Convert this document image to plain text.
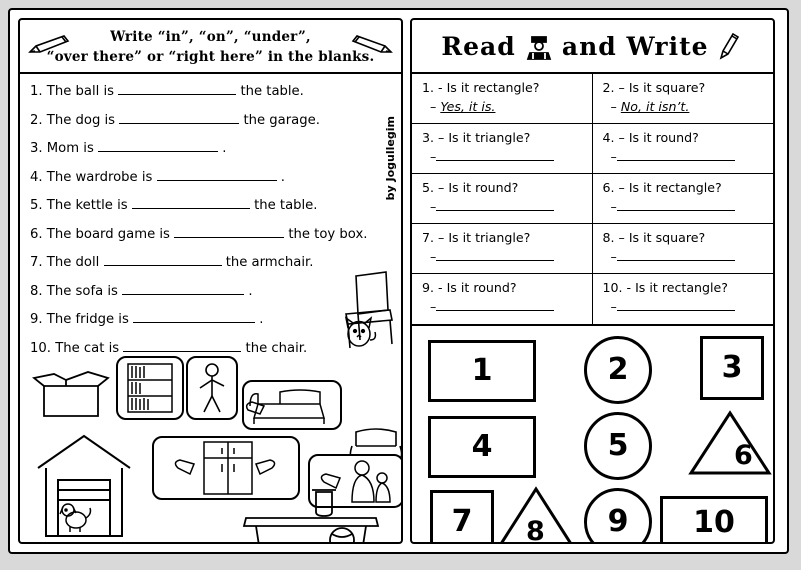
Write “in”, “on”, “under”,
“over there” or “right here” in the blanks.
1. The ball is	the table.
2. The dog is	the garage.
3. Mom is	.
4. The wardrobe is	.
5. The kettle is	the table.
6. The board game is	the toy box.
7. The doll	the armchair.
8. The sofa is	.
9. The fridge is	.
10. The cat is	the chair.
by Jogullegim
Read and Write
1. - Is it rectangle?
– Yes, it is.
2. – Is it square?
– No, it isn’t.
3. – Is it triangle?
–
4. – Is it round?
–
5. – Is it round?
–
6. – Is it rectangle?
–
7. – Is it triangle?
–
8. – Is it square?
–
9. - Is it round?
–
10. - Is it rectangle?
–
1	2	3
4	5	6
7 8 9 10
